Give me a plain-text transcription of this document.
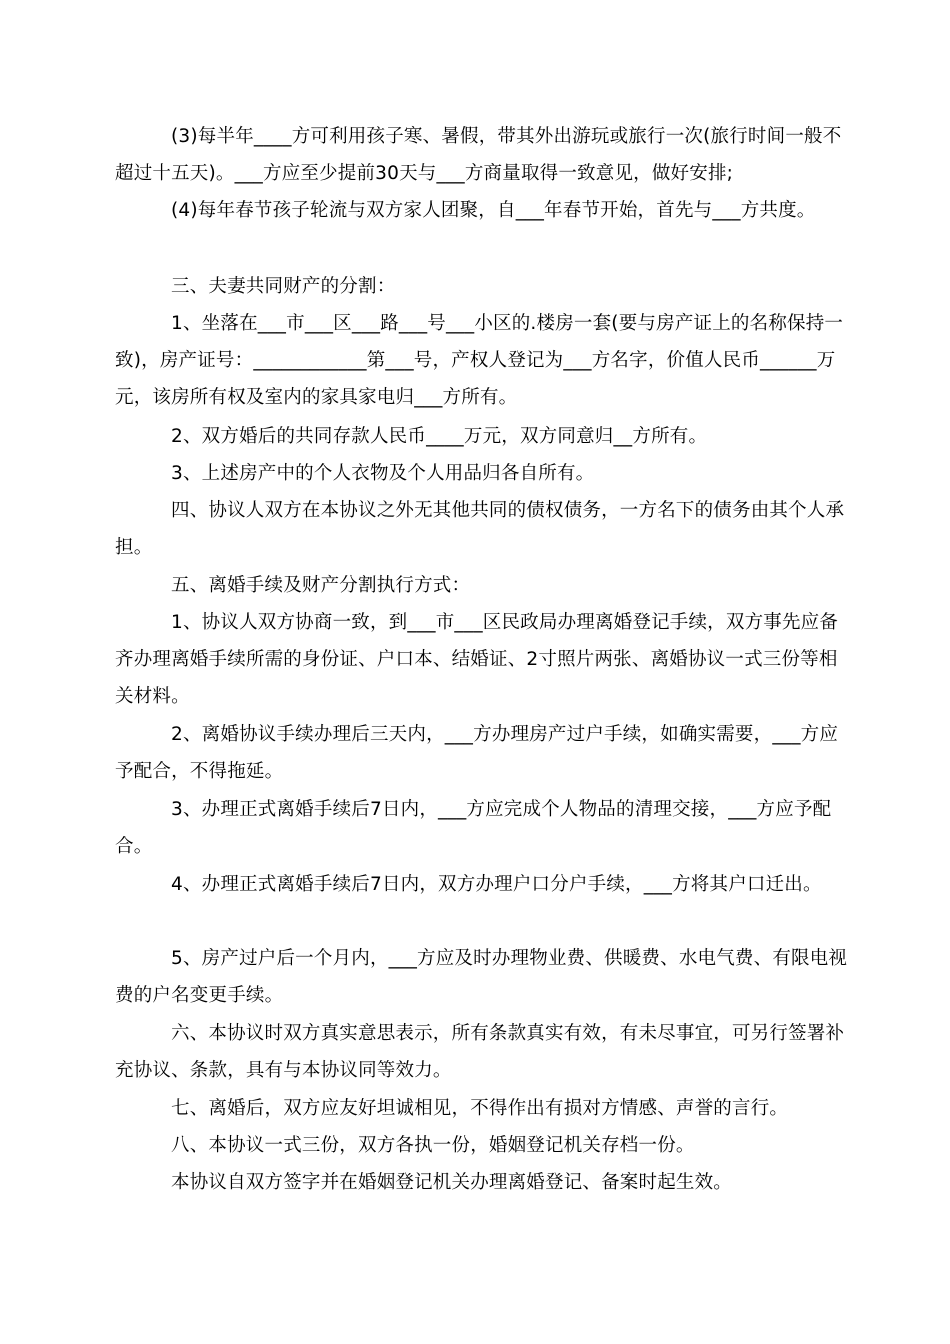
(3)每半年____方可利用孩子寒、暑假，带其外出游玩或旅行一次(旅行时间一般不超过十五天)。___方应至少提前30天与___方商量取得一致意见，做好安排;

(4)每年春节孩子轮流与双方家人团聚，自___年春节开始，首先与___方共度。

三、夫妻共同财产的分割：

1、坐落在___市___区___路___号___小区的.楼房一套(要与房产证上的名称保持一致)，房产证号：____________第___号，产权人登记为___方名字，价值人民币______万元，该房所有权及室内的家具家电归___方所有。

2、双方婚后的共同存款人民币____万元，双方同意归__方所有。

3、上述房产中的个人衣物及个人用品归各自所有。

四、协议人双方在本协议之外无其他共同的债权债务，一方名下的债务由其个人承担。

五、离婚手续及财产分割执行方式：

1、协议人双方协商一致，到___市___区民政局办理离婚登记手续，双方事先应备齐办理离婚手续所需的身份证、户口本、结婚证、2寸照片两张、离婚协议一式三份等相关材料。

2、离婚协议手续办理后三天内，___方办理房产过户手续，如确实需要，___方应予配合，不得拖延。

3、办理正式离婚手续后7日内，___方应完成个人物品的清理交接，___方应予配合。

4、办理正式离婚手续后7日内，双方办理户口分户手续，___方将其户口迁出。

5、房产过户后一个月内，___方应及时办理物业费、供暖费、水电气费、有限电视费的户名变更手续。

六、本协议时双方真实意思表示，所有条款真实有效，有未尽事宜，可另行签署补充协议、条款，具有与本协议同等效力。

七、离婚后，双方应友好坦诚相见，不得作出有损对方情感、声誉的言行。

八、本协议一式三份，双方各执一份，婚姻登记机关存档一份。

本协议自双方签字并在婚姻登记机关办理离婚登记、备案时起生效。
